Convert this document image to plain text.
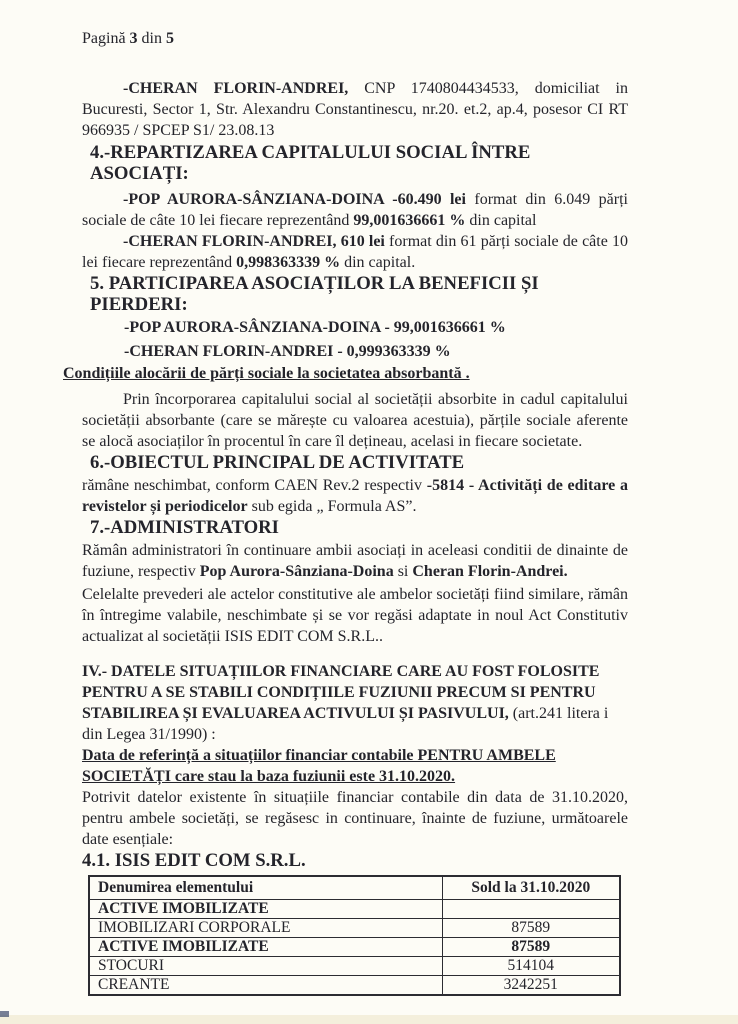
Pagină 3 din 5

-CHERAN FLORIN-ANDREI, CNP 1740804434533, domiciliat in Bucuresti, Sector 1, Str. Alexandru Constantinescu, nr.20. et.2, ap.4, posesor CI RT 966935 / SPCEP S1/ 23.08.13

4.-REPARTIZAREA CAPITALULUI SOCIAL ÎNTRE ASOCIAȚI:

-POP AURORA-SÂNZIANA-DOINA -60.490 lei format din 6.049 părți sociale de câte 10 lei fiecare reprezentând 99,001636661 % din capital

-CHERAN FLORIN-ANDREI, 610 lei format din 61 părți sociale de câte 10 lei fiecare reprezentând 0,998363339 % din capital.

5. PARTICIPAREA ASOCIAȚILOR LA BENEFICII ȘI PIERDERI:

-POP AURORA-SÂNZIANA-DOINA - 99,001636661 %

-CHERAN FLORIN-ANDREI - 0,999363339 %

Condițiile alocării de părți sociale la societatea absorbantă .

Prin încorporarea capitalului social al societății absorbite in cadul capitalului societății absorbante (care se mărește cu valoarea acestuia), părțile sociale aferente se alocă asociaților în procentul în care îl dețineau, acelasi in fiecare societate.

6.-OBIECTUL PRINCIPAL DE ACTIVITATE

rămâne neschimbat, conform CAEN Rev.2 respectiv -5814 - Activități de editare a revistelor și periodicelor sub egida „ Formula AS”.

7.-ADMINISTRATORI

Rămân administratori în continuare ambii asociați in aceleasi conditii de dinainte de fuziune, respectiv Pop Aurora-Sânziana-Doina si Cheran Florin-Andrei.

Celelalte prevederi ale actelor constitutive ale ambelor societăți fiind similare, rămân în întregime valabile, neschimbate și se vor regăsi adaptate in noul Act Constitutiv actualizat al societății ISIS EDIT COM S.R.L..

IV.- DATELE SITUAȚIILOR FINANCIARE CARE AU FOST FOLOSITE PENTRU A SE STABILI CONDIȚIILE FUZIUNII PRECUM SI PENTRU STABILIREA ȘI EVALUAREA ACTIVULUI ȘI PASIVULUI, (art.241 litera i din Legea 31/1990) :

Data de referință a situațiilor financiar contabile PENTRU AMBELE SOCIETĂȚI care stau la baza fuziunii este 31.10.2020.

Potrivit datelor existente în situațiile financiar contabile din data de 31.10.2020, pentru ambele societăți, se regăsesc in continuare, înainte de fuziune, următoarele date esențiale:

4.1. ISIS EDIT COM S.R.L.
Denumirea elementului	Sold la 31.10.2020
ACTIVE IMOBILIZATE	
IMOBILIZARI CORPORALE	87589
ACTIVE IMOBILIZATE	87589
STOCURI	514104
CREANTE	3242251
